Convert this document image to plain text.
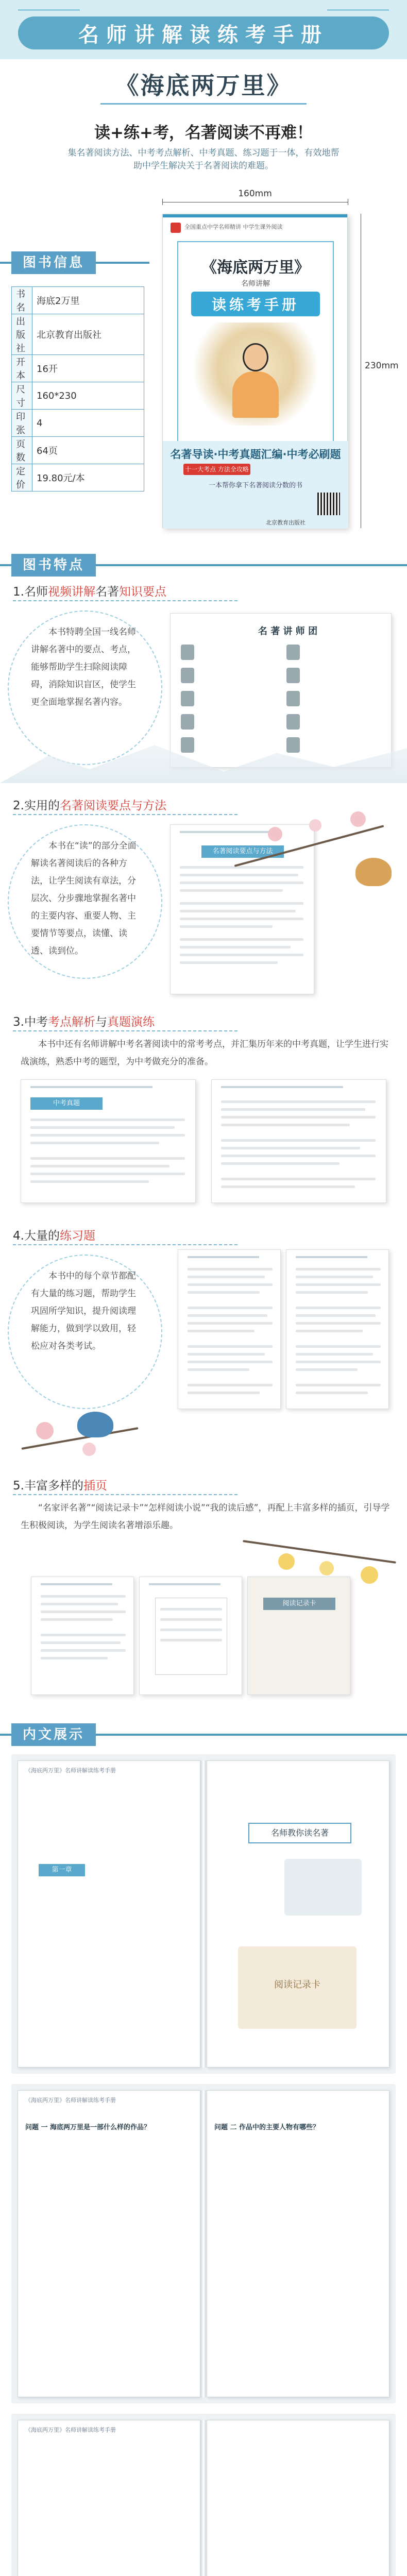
名师讲解读练考手册
《海底两万里》
读+练+考，名著阅读不再难！
集名著阅读方法、中考考点解析、中考真题、练习题于一体，有效地帮助中学生解决关于名著阅读的难题。
图书信息
书名	海底2万里
出版社	北京教育出版社
开本	16开
尺寸	160*230
印张	4
页数	64页
定价	19.80元/本
160mm
230mm
全国重点中学名师精讲 中学生课外阅读
《海底两万里》
名师讲解
读练考手册
名著导读·中考真题汇编·中考必刷题
十一大考点 方法全攻略
一本帮你拿下名著阅读分数的书
北京教育出版社
图书特点
1.名师视频讲解名著知识要点
本书特聘全国一线名师讲解名著中的要点、考点，能够帮助学生扫除阅读障碍，消除知识盲区，使学生更全面地掌握名著内容。
名 著 讲 师 团
2.实用的名著阅读要点与方法
本书在“读”的部分全面解读名著阅读后的各种方法，让学生阅读有章法，分层次、分步骤地掌握名著中的主要内容、重要人物、主要情节等要点，读懂、读透、读到位。
名著阅读要点与方法
3.中考考点解析与真题演练
本书中还有名师讲解中考名著阅读中的常考考点，并汇集历年来的中考真题，让学生进行实战演练，熟悉中考的题型，为中考做充分的准备。
中考真题
4.大量的练习题
本书中的每个章节都配有大量的练习题，帮助学生巩固所学知识，提升阅读理解能力，做到学以致用，轻松应对各类考试。
5.丰富多样的插页
“名家评名著”“阅读记录卡”“怎样阅读小说”“我的读后感”，再配上丰富多样的插页，引导学生积极阅读，为学生阅读名著增添乐趣。
阅读记录卡
内文展示
《海底两万里》名师讲解读练考手册
第一章
名师教你读名著
阅读记录卡
《海底两万里》名师讲解读练考手册
问题 一 海底两万里是一部什么样的作品？	问题 二 作品中的主要人物有哪些？
《海底两万里》名师讲解读练考手册
